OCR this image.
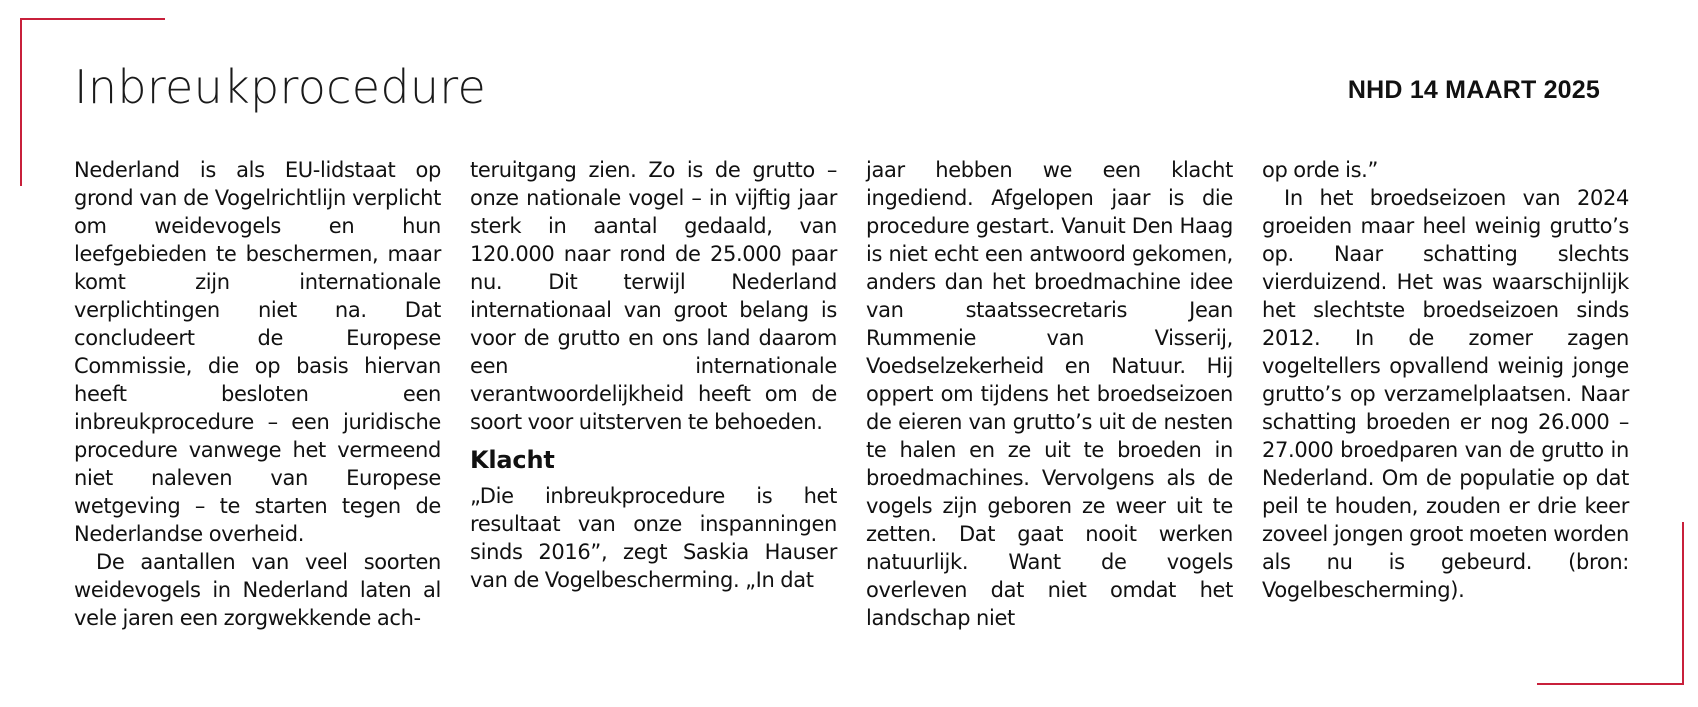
Inbreukprocedure	NHD 14 MAART 2025

Nederland is als EU-lidstaat op grond van de Vogelrichtlijn verplicht om weidevogels en hun leefgebieden te beschermen, maar komt zijn internationale verplichtingen niet na. Dat concludeert de Europese Commissie, die op basis hiervan heeft besloten een inbreukprocedure – een juridische procedure vanwege het vermeend niet naleven van Europese wetgeving – te starten tegen de Nederlandse overheid.

De aantallen van veel soorten weidevogels in Nederland laten al vele jaren een zorgwekkende ach-

teruitgang zien. Zo is de grutto – onze nationale vogel – in vijftig jaar sterk in aantal gedaald, van 120.000 naar rond de 25.000 paar nu. Dit terwijl Nederland internationaal van groot belang is voor de grutto en ons land daarom een internationale verantwoordelijkheid heeft om de soort voor uitsterven te behoeden.

Klacht

„Die inbreukprocedure is het resultaat van onze inspanningen sinds 2016”, zegt Saskia Hauser van de Vogelbescherming. „In dat

jaar hebben we een klacht ingediend. Afgelopen jaar is die procedure gestart. Vanuit Den Haag is niet echt een antwoord gekomen, anders dan het broedmachine idee van staatssecretaris Jean Rummenie van Visserij, Voedselzekerheid en Natuur. Hij oppert om tijdens het broedseizoen de eieren van grutto’s uit de nesten te halen en ze uit te broeden in broedmachines. Vervolgens als de vogels zijn geboren ze weer uit te zetten. Dat gaat nooit werken natuurlijk. Want de vogels overleven dat niet omdat het landschap niet

op orde is.”

In het broedseizoen van 2024 groeiden maar heel weinig grutto’s op. Naar schatting slechts vierduizend. Het was waarschijnlijk het slechtste broedseizoen sinds 2012. In de zomer zagen vogeltellers opvallend weinig jonge grutto’s op verzamelplaatsen. Naar schatting broeden er nog 26.000 – 27.000 broedparen van de grutto in Nederland. Om de populatie op dat peil te houden, zouden er drie keer zoveel jongen groot moeten worden als nu is gebeurd. (bron: Vogelbescherming).
